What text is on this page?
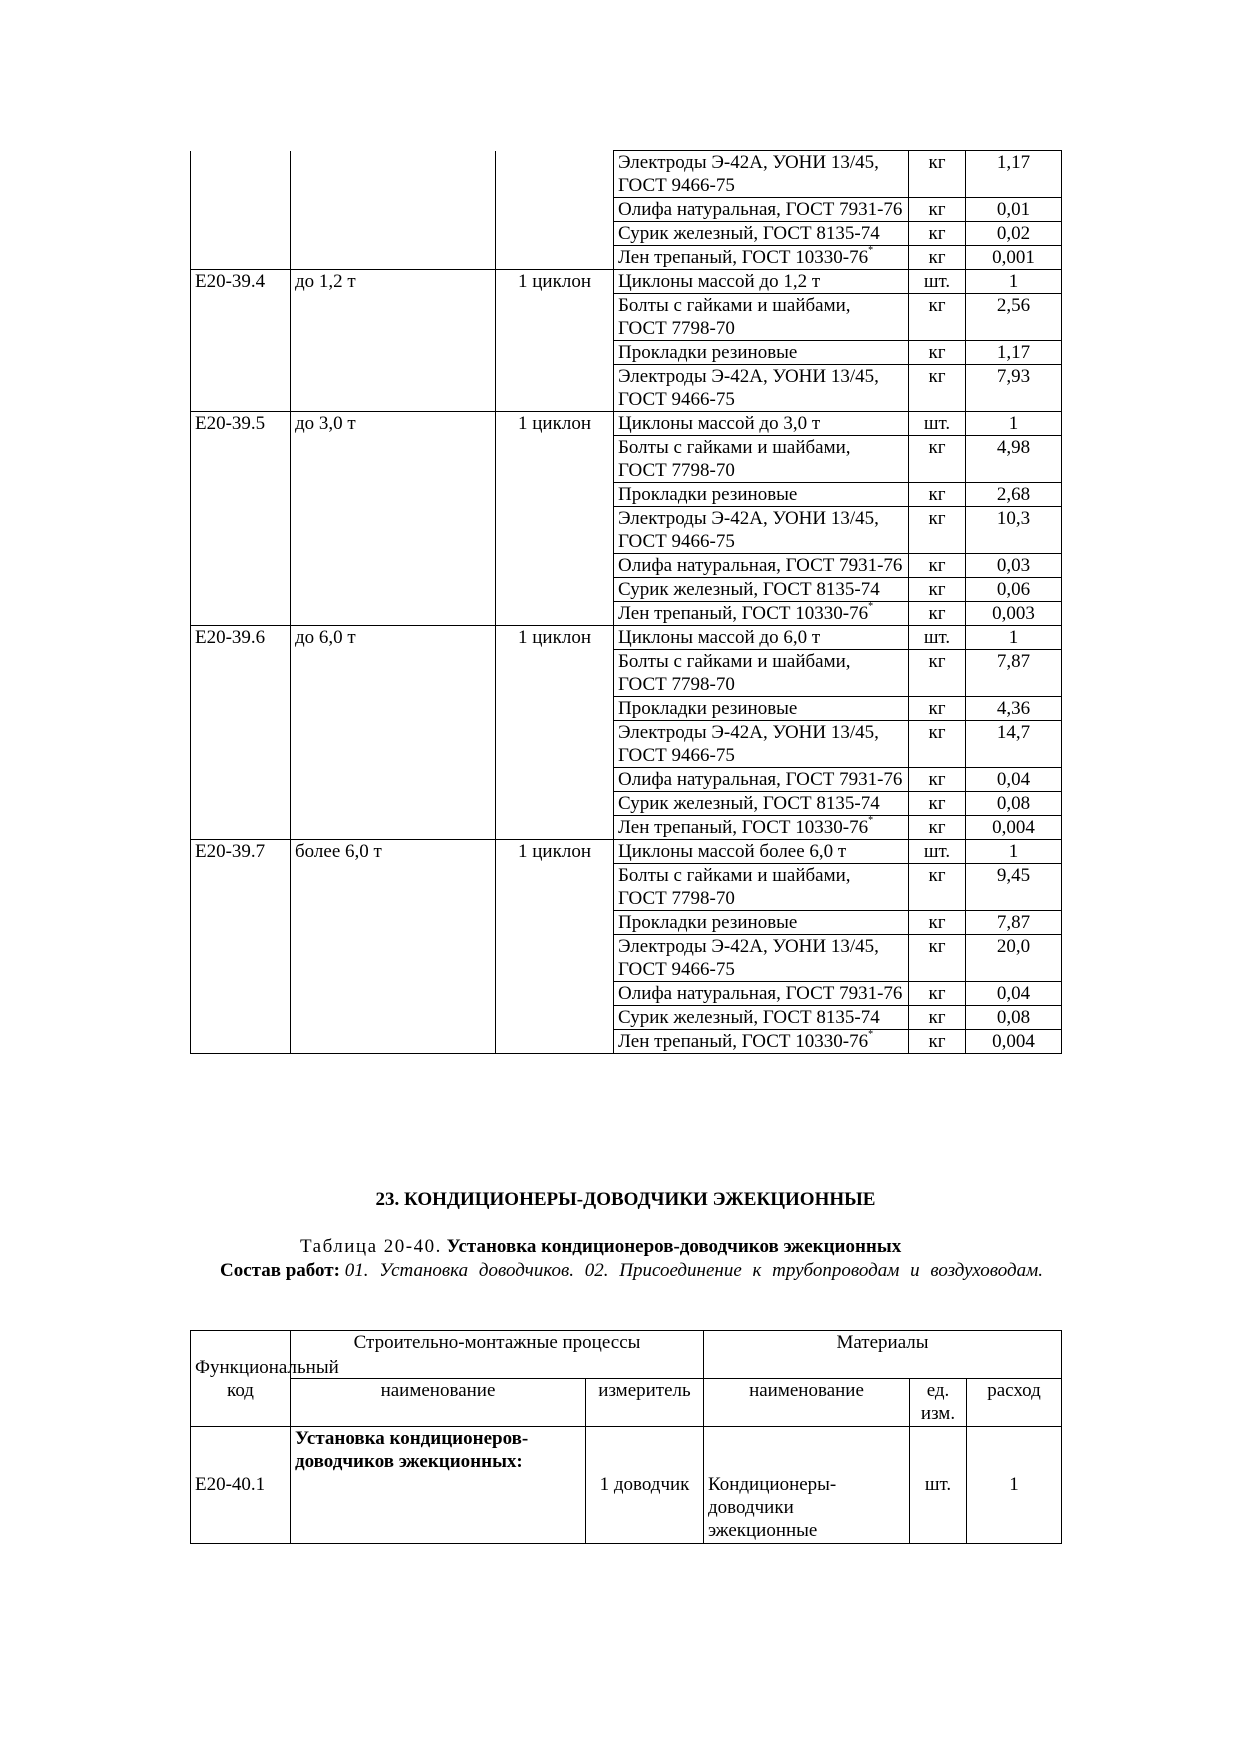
			Электроды Э-42А, УОНИ 13/45, ГОСТ 9466-75	кг	1,17
			Олифа натуральная, ГОСТ 7931-76	кг	0,01
			Сурик железный, ГОСТ 8135-74	кг	0,02
			Лен трепаный, ГОСТ 10330-76*	кг	0,001
Е20-39.4	до 1,2 т	1 циклон	Циклоны массой до 1,2 т	шт.	1
			Болты с гайками и шайбами, ГОСТ 7798-70	кг	2,56
			Прокладки резиновые	кг	1,17
			Электроды Э-42А, УОНИ 13/45, ГОСТ 9466-75	кг	7,93
Е20-39.5	до 3,0 т	1 циклон	Циклоны массой до 3,0 т	шт.	1
			Болты с гайками и шайбами, ГОСТ 7798-70	кг	4,98
			Прокладки резиновые	кг	2,68
			Электроды Э-42А, УОНИ 13/45, ГОСТ 9466-75	кг	10,3
			Олифа натуральная, ГОСТ 7931-76	кг	0,03
			Сурик железный, ГОСТ 8135-74	кг	0,06
			Лен трепаный, ГОСТ 10330-76*	кг	0,003
Е20-39.6	до 6,0 т	1 циклон	Циклоны массой до 6,0 т	шт.	1
			Болты с гайками и шайбами, ГОСТ 7798-70	кг	7,87
			Прокладки резиновые	кг	4,36
			Электроды Э-42А, УОНИ 13/45, ГОСТ 9466-75	кг	14,7
			Олифа натуральная, ГОСТ 7931-76	кг	0,04
			Сурик железный, ГОСТ 8135-74	кг	0,08
			Лен трепаный, ГОСТ 10330-76*	кг	0,004
Е20-39.7	более 6,0 т	1 циклон	Циклоны массой более 6,0 т	шт.	1
			Болты с гайками и шайбами, ГОСТ 7798-70	кг	9,45
			Прокладки резиновые	кг	7,87
			Электроды Э-42А, УОНИ 13/45, ГОСТ 9466-75	кг	20,0
			Олифа натуральная, ГОСТ 7931-76	кг	0,04
			Сурик железный, ГОСТ 8135-74	кг	0,08
			Лен трепаный, ГОСТ 10330-76*	кг	0,004
23. КОНДИЦИОНЕРЫ-ДОВОДЧИКИ ЭЖЕКЦИОННЫЕ
Таблица 20-40. Установка кондиционеров-доводчиков эжекционных
Состав работ: 01. Установка доводчиков. 02. Присоединение к трубопроводам и воздуховодам.
Функциональный код	Строительно-монтажные процессы		Материалы		
	наименование	измеритель	наименование	ед. изм.	расход
Е20-40.1	Установка кондиционеров-доводчиков эжекционных:	1 доводчик	Кондиционеры-доводчики эжекционные	шт.	1
